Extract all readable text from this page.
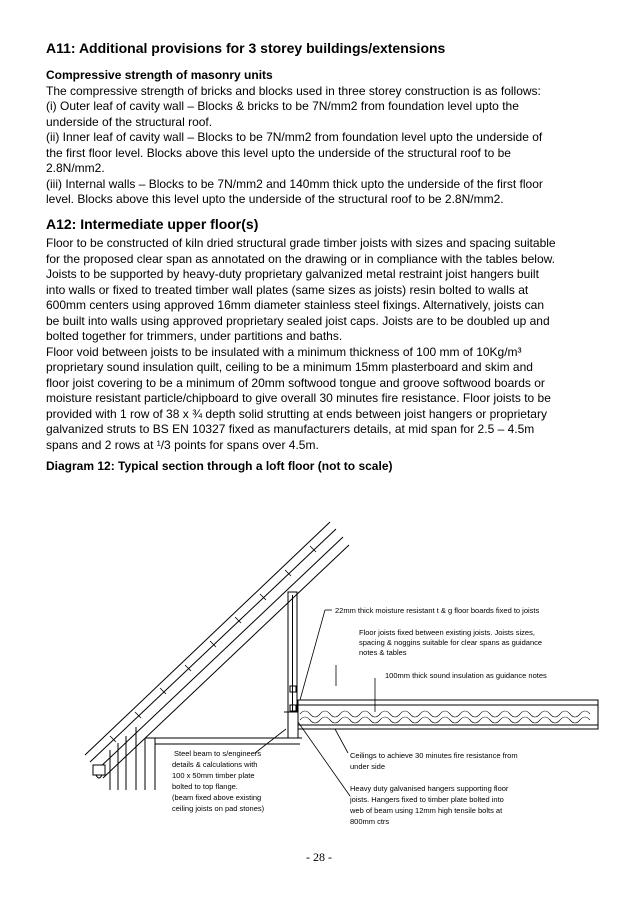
A11: Additional provisions for 3 storey buildings/extensions
Compressive strength of masonry units
The compressive strength of bricks and blocks used in three storey construction is as follows:
(i) Outer leaf of cavity wall – Blocks & bricks to be 7N/mm2 from foundation level upto the
underside of the structural roof.
(ii) Inner leaf of cavity wall – Blocks to be 7N/mm2 from foundation level upto the underside of
the first floor level. Blocks above this level upto the underside of the structural roof to be
2.8N/mm2.
(iii) Internal walls – Blocks to be 7N/mm2 and 140mm thick upto the underside of the first floor
level. Blocks above this level upto the underside of the structural roof to be 2.8N/mm2.
A12: Intermediate upper floor(s)
Floor to be constructed of kiln dried structural grade timber joists with sizes and spacing suitable
for the proposed clear span as annotated on the drawing or in compliance with the tables below.
Joists to be supported by heavy-duty proprietary galvanized metal restraint joist hangers built
into walls or fixed to treated timber wall plates (same sizes as joists) resin bolted to walls at
600mm centers using approved 16mm diameter stainless steel fixings. Alternatively, joists can
be built into walls using approved proprietary sealed joist caps. Joists are to be doubled up and
bolted together for trimmers, under partitions and baths.
Floor void between joists to be insulated with a minimum thickness of 100 mm of 10Kg/m³
proprietary sound insulation quilt, ceiling to be a minimum 15mm plasterboard and skim and
floor joist covering to be a minimum of 20mm softwood tongue and groove softwood boards or
moisture resistant particle/chipboard to give overall 30 minutes fire resistance. Floor joists to be
provided with 1 row of 38 x ¾ depth solid strutting at ends between joist hangers or proprietary
galvanized struts to BS EN 10327 fixed as manufacturers details, at mid span for 2.5 – 4.5m
spans and 2 rows at ¹/3 points for spans over 4.5m.
Diagram 12: Typical section through a loft floor (not to scale)
22mm thick moisture resistant t & g floor boards fixed to joists
Floor joists fixed between existing joists. Joists sizes,
spacing & noggins suitable for clear spans as guidance
notes & tables
100mm thick sound insulation as guidance notes
Steel beam to s/engineers
details & calculations with
100 x 50mm timber plate
bolted to top flange.
(beam fixed above existing
ceiling joists on pad stones)
Ceilings to achieve 30 minutes fire resistance from
under side
Heavy duty galvanised hangers supporting floor
joists. Hangers fixed to timber plate bolted into
web of beam using 12mm high tensile bolts at
800mm ctrs
- 28 -
